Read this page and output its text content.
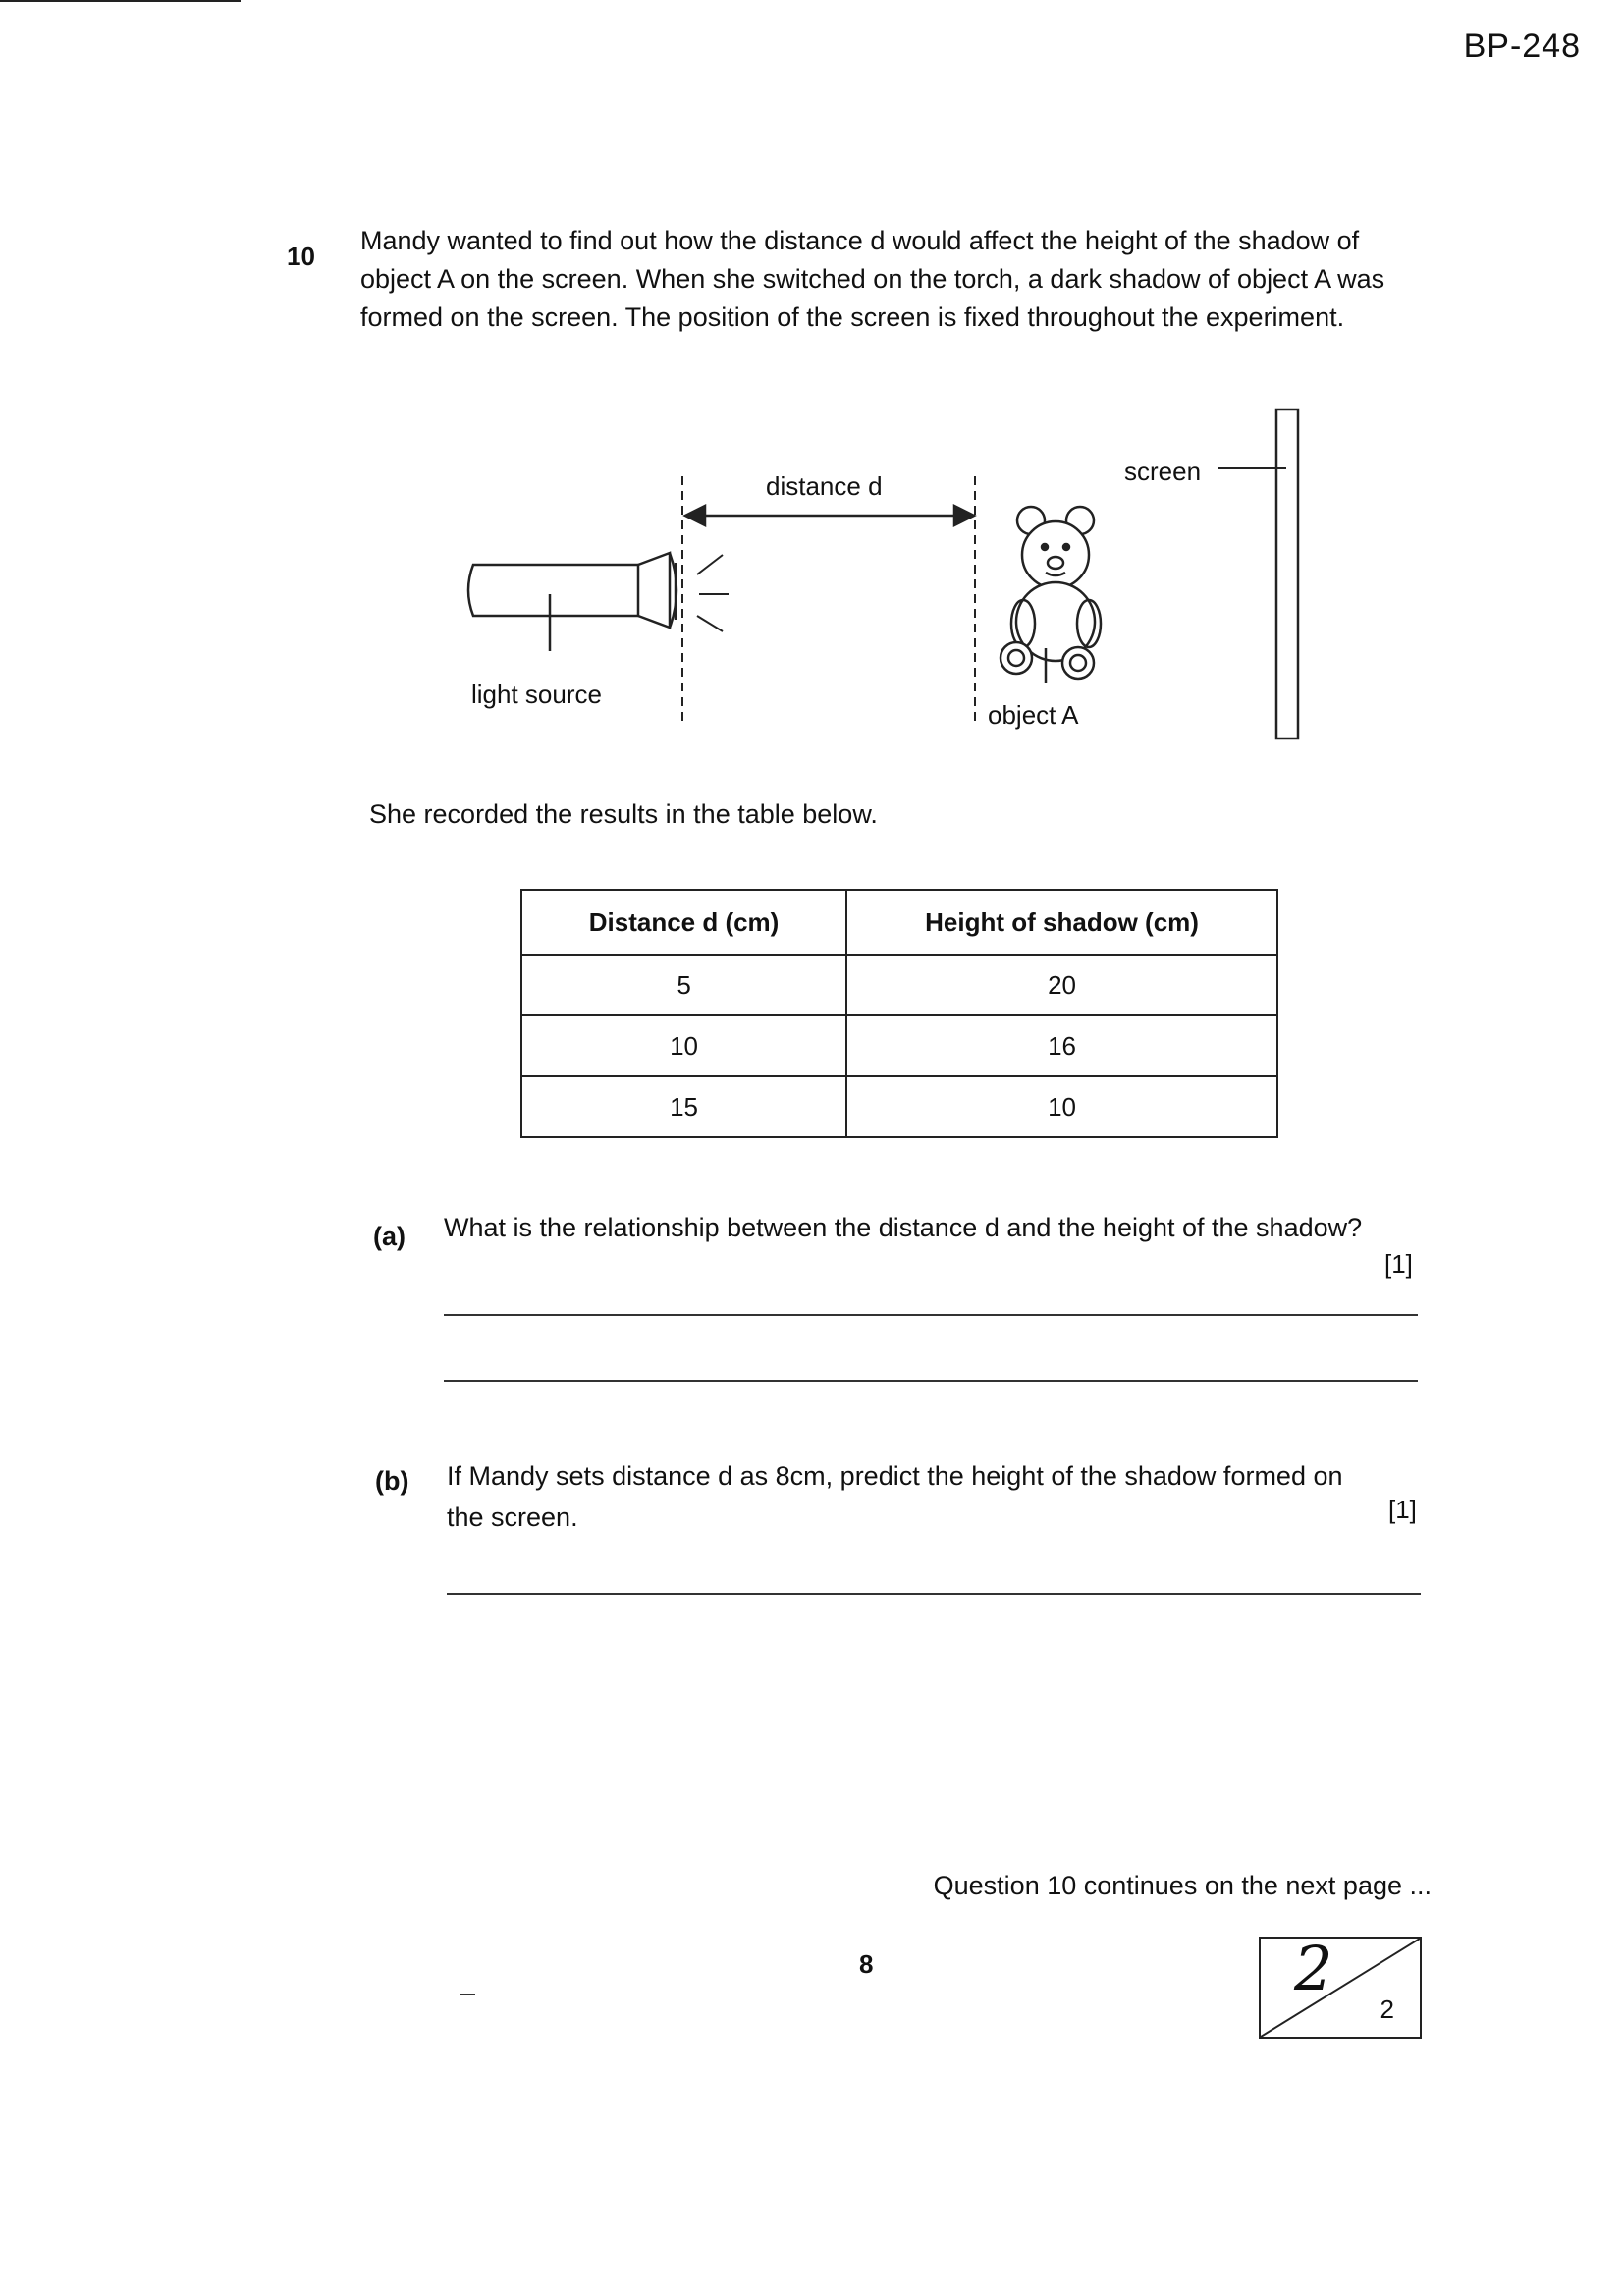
BP-248
10
Mandy wanted to find out how the distance d would affect the height of the shadow of object A on the screen. When she switched on the torch, a dark shadow of object A was formed on the screen. The position of the screen is fixed throughout the experiment.
distance d	screen
light source
object A
She recorded the results in the table below.
Distance d (cm)	Height of shadow (cm)
5	20
10	16
15	10
(a) What is the relationship between the distance d and the height of the shadow?
[1]
(b) If Mandy sets distance d as 8cm, predict the height of the shadow formed on the screen.	[1]
Question 10 continues on the next page ...
8	2
2
